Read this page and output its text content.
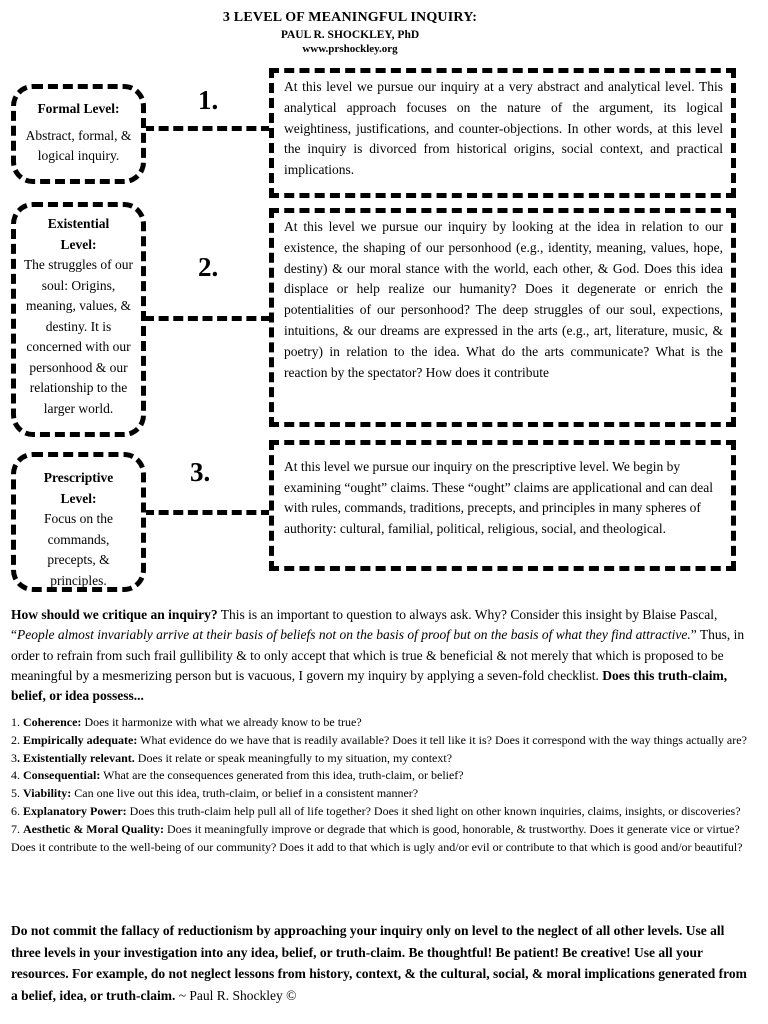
3 LEVEL OF MEANINGFUL INQUIRY:
PAUL R. SHOCKLEY, PhD
www.prshockley.org
1.
Formal Level:
Abstract, formal, & logical inquiry.
At this level we pursue our inquiry at a very abstract and analytical level. This analytical approach focuses on the nature of the argument, its logical weightiness, justifications, and counter-objections. In other words, at this level the inquiry is divorced from historical origins, social context, and practical implications.
2.
Existential Level:
The struggles of our soul: Origins, meaning, values, & destiny. It is concerned with our personhood & our relationship to the larger world.
At this level we pursue our inquiry by looking at the idea in relation to our existence, the shaping of our personhood (e.g., identity, meaning, values, hope, destiny) & our moral stance with the world, each other, & God. Does this idea displace or help realize our humanity? Does it degenerate or enrich the potentialities of our personhood? The deep struggles of our soul, expections, intuitions, & our dreams are expressed in the arts (e.g., art, literature, music, & poetry) in relation to the idea. What do the arts communicate? What is the reaction by the spectator? How does it contribute
3.
Prescriptive Level:
Focus on the commands, precepts, & principles.
At this level we pursue our inquiry on the prescriptive level. We begin by examining “ought” claims. These “ought” claims are applicational and can deal with rules, commands, traditions, precepts, and principles in many spheres of authority: cultural, familial, political, religious, social, and theological.
How should we critique an inquiry? This is an important to question to always ask. Why? Consider this insight by Blaise Pascal, “People almost invariably arrive at their basis of beliefs not on the basis of proof but on the basis of what they find attractive.” Thus, in order to refrain from such frail gullibility & to only accept that which is true & beneficial & not merely that which is proposed to be meaningful by a mesmerizing person but is vacuous, I govern my inquiry by applying a seven-fold checklist. Does this truth-claim, belief, or idea possess...
1. Coherence: Does it harmonize with what we already know to be true?
2. Empirically adequate: What evidence do we have that is readily available? Does it tell like it is? Does it correspond with the way things actually are?
3. Existentially relevant. Does it relate or speak meaningfully to my situation, my context?
4. Consequential: What are the consequences generated from this idea, truth-claim, or belief?
5. Viability: Can one live out this idea, truth-claim, or belief in a consistent manner?
6. Explanatory Power: Does this truth-claim help pull all of life together? Does it shed light on other known inquiries, claims, insights, or discoveries?
7. Aesthetic & Moral Quality: Does it meaningfully improve or degrade that which is good, honorable, & trustworthy. Does it generate vice or virtue? Does it contribute to the well-being of our community? Does it add to that which is ugly and/or evil or contribute to that which is good and/or beautiful?
Do not commit the fallacy of reductionism by approaching your inquiry only on level to the neglect of all other levels. Use all three levels in your investigation into any idea, belief, or truth-claim. Be thoughtful! Be patient! Be creative! Use all your resources. For example, do not neglect lessons from history, context, & the cultural, social, & moral implications generated from a belief, idea, or truth-claim. ~ Paul R. Shockley ©
